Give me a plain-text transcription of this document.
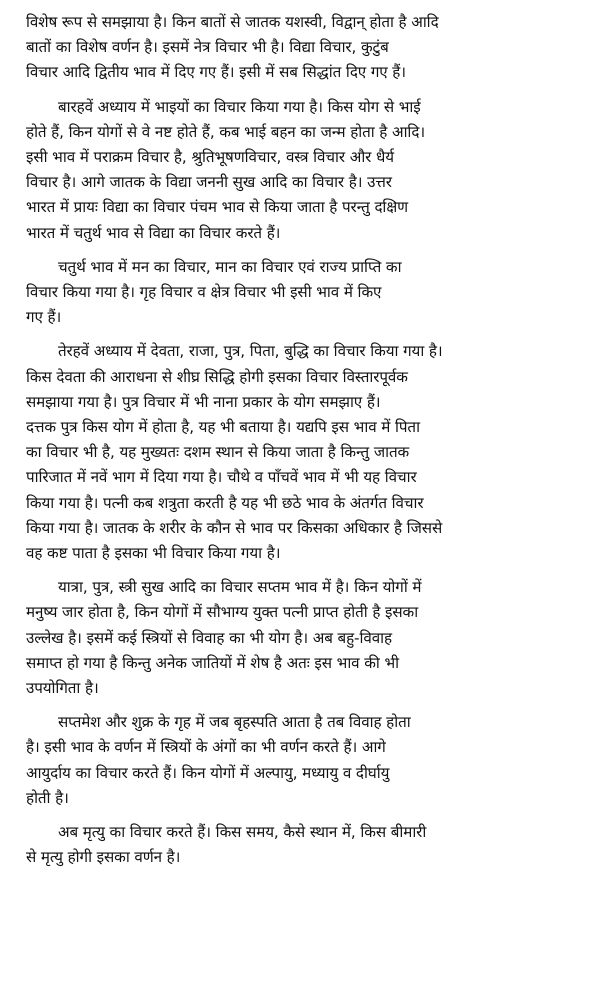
विशेष रूप से समझाया है। किन बातों से जातक यशस्वी, विद्वान् होता है आदि
बातों का विशेष वर्णन है। इसमें नेत्र विचार भी है। विद्या विचार, कुटुंब
विचार आदि द्वितीय भाव में दिए गए हैं। इसी में सब सिद्धांत दिए गए हैं।

बारहवें अध्याय में भाइयों का विचार किया गया है। किस योग से भाई
होते हैं, किन योगों से वे नष्ट होते हैं, कब भाई बहन का जन्म होता है आदि।
इसी भाव में पराक्रम विचार है, श्रुतिभूषणविचार, वस्त्र विचार और धैर्य
विचार है। आगे जातक के विद्या जननी सुख आदि का विचार है। उत्तर
भारत में प्रायः विद्या का विचार पंचम भाव से किया जाता है परन्तु दक्षिण
भारत में चतुर्थ भाव से विद्या का विचार करते हैं।

चतुर्थ भाव में मन का विचार, मान का विचार एवं राज्य प्राप्ति का
विचार किया गया है। गृह विचार व क्षेत्र विचार भी इसी भाव में किए
गए हैं।

तेरहवें अध्याय में देवता, राजा, पुत्र, पिता, बुद्धि का विचार किया गया है।
किस देवता की आराधना से शीघ्र सिद्धि होगी इसका विचार विस्तारपूर्वक
समझाया गया है। पुत्र विचार में भी नाना प्रकार के योग समझाए हैं।
दत्तक पुत्र किस योग में होता है, यह भी बताया है। यद्यपि इस भाव में पिता
का विचार भी है, यह मुख्यतः दशम स्थान से किया जाता है किन्तु जातक
पारिजात में नवें भाग में दिया गया है। चौथे व पाँचवें भाव में भी यह विचार
किया गया है। पत्नी कब शत्रुता करती है यह भी छठे भाव के अंतर्गत विचार
किया गया है। जातक के शरीर के कौन से भाव पर किसका अधिकार है जिससे
वह कष्ट पाता है इसका भी विचार किया गया है।

यात्रा, पुत्र, स्त्री सुख आदि का विचार सप्तम भाव में है। किन योगों में
मनुष्य जार होता है, किन योगों में सौभाग्य युक्त पत्नी प्राप्त होती है इसका
उल्लेख है। इसमें कई स्त्रियों से विवाह का भी योग है। अब बहु-विवाह
समाप्त हो गया है किन्तु अनेक जातियों में शेष है अतः इस भाव की भी
उपयोगिता है।

सप्तमेश और शुक्र के गृह में जब बृहस्पति आता है तब विवाह होता
है। इसी भाव के वर्णन में स्त्रियों के अंगों का भी वर्णन करते हैं। आगे
आयुर्दाय का विचार करते हैं। किन योगों में अल्पायु, मध्यायु व दीर्घायु
होती है।

अब मृत्यु का विचार करते हैं। किस समय, कैसे स्थान में, किस बीमारी
से मृत्यु होगी इसका वर्णन है।
